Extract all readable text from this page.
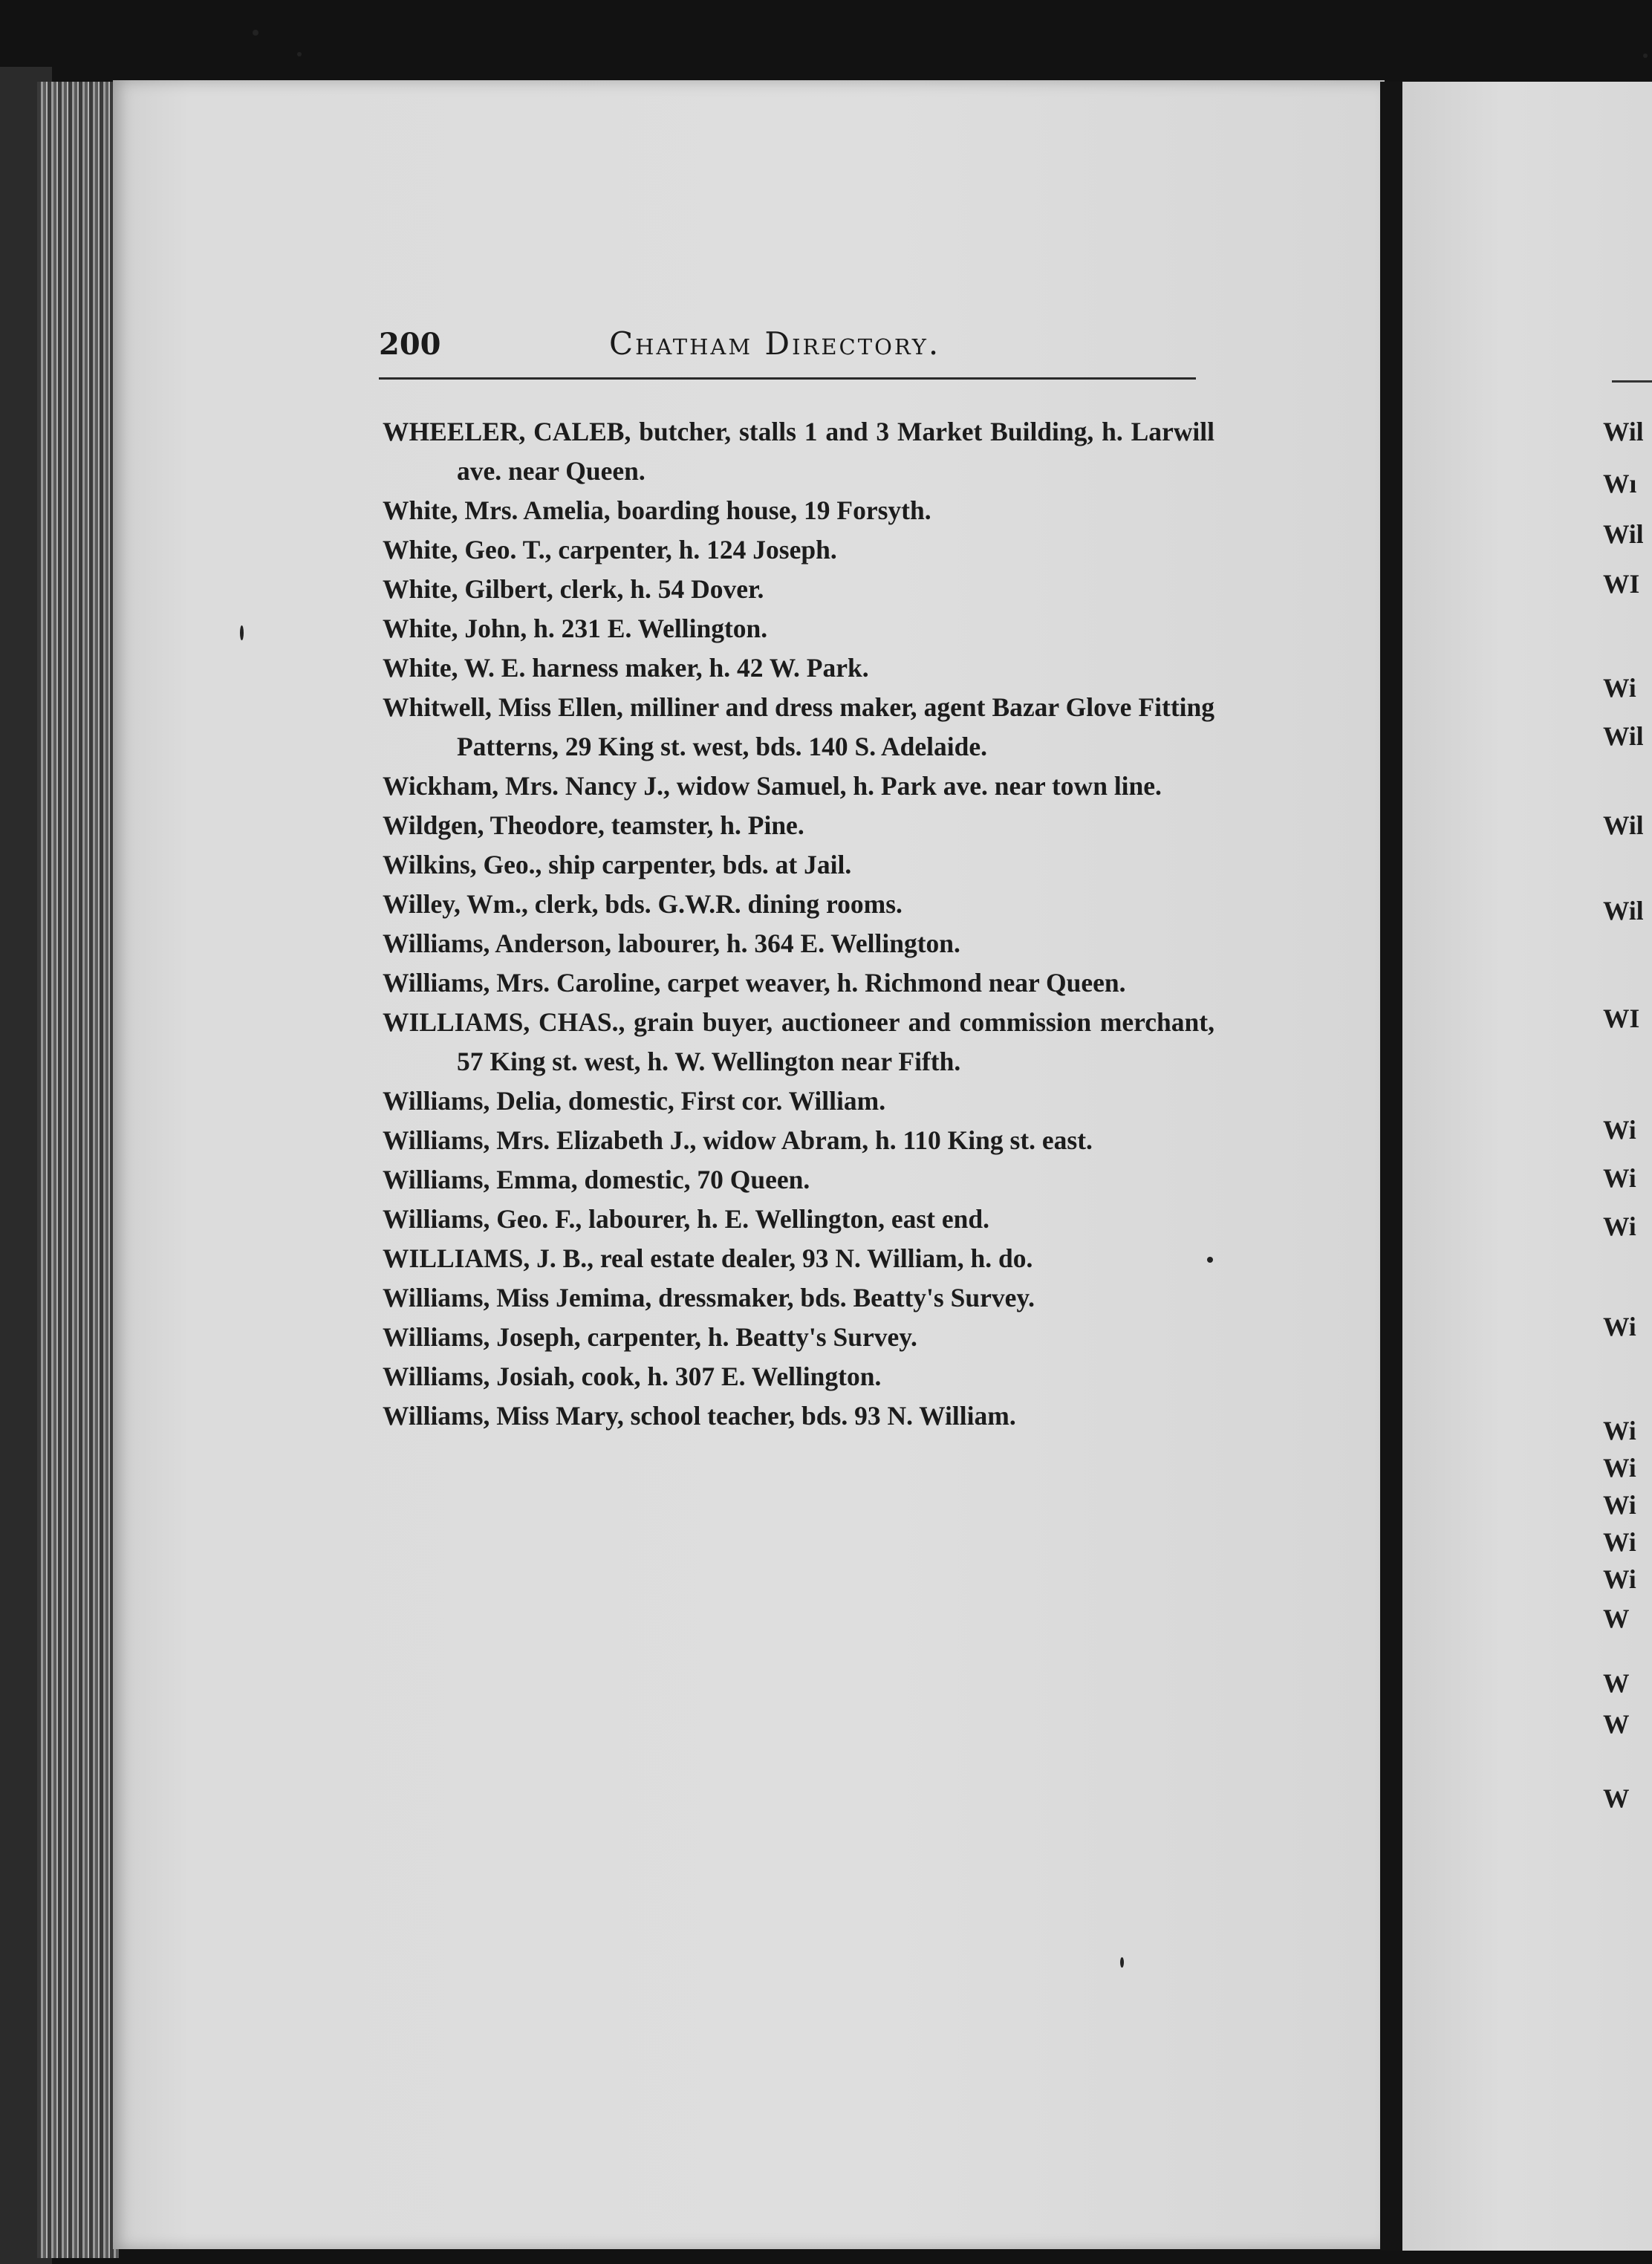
200	Chatham Directory.

WHEELER, CALEB, butcher, stalls 1 and 3 Market Building, h. Larwill ave. near Queen.

White, Mrs. Amelia, boarding house, 19 Forsyth.

White, Geo. T., carpenter, h. 124 Joseph.

White, Gilbert, clerk, h. 54 Dover.

White, John, h. 231 E. Wellington.

White, W. E. harness maker, h. 42 W. Park.

Whitwell, Miss Ellen, milliner and dress maker, agent Bazar Glove Fitting Patterns, 29 King st. west, bds. 140 S. Adelaide.

Wickham, Mrs. Nancy J., widow Samuel, h. Park ave. near town line.

Wildgen, Theodore, teamster, h. Pine.

Wilkins, Geo., ship carpenter, bds. at Jail.

Willey, Wm., clerk, bds. G.W.R. dining rooms.

Williams, Anderson, labourer, h. 364 E. Wellington.

Williams, Mrs. Caroline, carpet weaver, h. Richmond near Queen.

WILLIAMS, CHAS., grain buyer, auctioneer and commission merchant, 57 King st. west, h. W. Wellington near Fifth.

Williams, Delia, domestic, First cor. William.

Williams, Mrs. Elizabeth J., widow Abram, h. 110 King st. east.

Williams, Emma, domestic, 70 Queen.

Williams, Geo. F., labourer, h. E. Wellington, east end.

WILLIAMS, J. B., real estate dealer, 93 N. William, h. do.

Williams, Miss Jemima, dressmaker, bds. Beatty's Survey.

Williams, Joseph, carpenter, h. Beatty's Survey.

Williams, Josiah, cook, h. 307 E. Wellington.

Williams, Miss Mary, school teacher, bds. 93 N. William.

Wil
Wı
Wil
WI
Wi
Wil
Wil
Wil
WI
Wi
Wi
Wi
Wi
Wi
Wi
Wi
Wi
Wi
W
W
W
W
